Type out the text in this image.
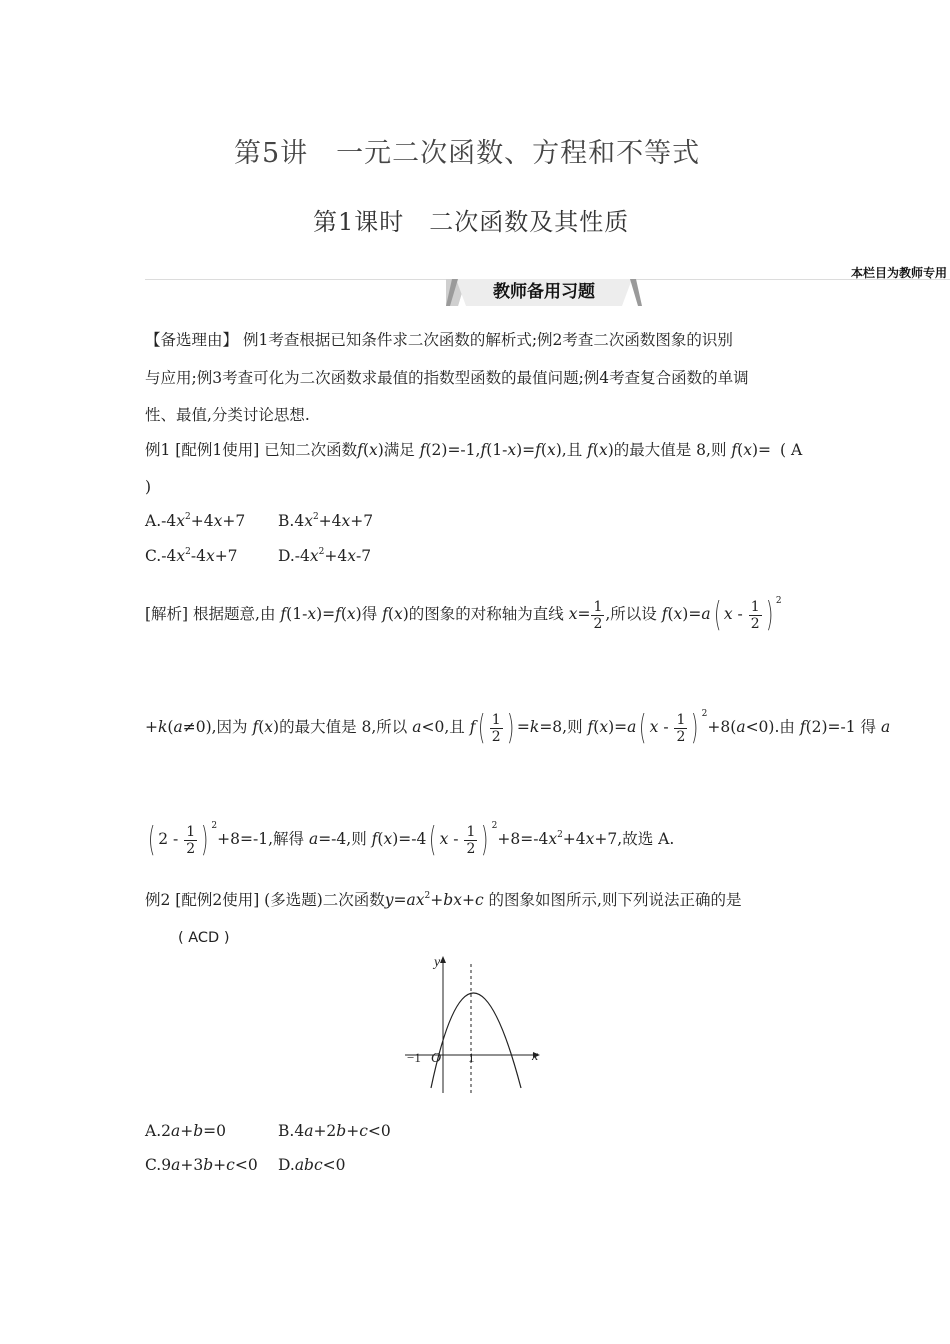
第5讲　一元二次函数、方程和不等式
第1课时　二次函数及其性质
本栏目为教师专用
教师备用习题
【备选理由】 例1考查根据已知条件求二次函数的解析式;例2考查二次函数图象的识别
与应用;例3考查可化为二次函数求最值的指数型函数的最值问题;例4考查复合函数的单调
性、最值,分类讨论思想.
例1 [配例1使用] 已知二次函数f(x)满足 f(2)=-1,f(1-x)=f(x),且 f(x)的最大值是 8,则 f(x)= ( A
)
$A.-4x^2+4x+7$ $B.4x^2+4x+7$
$C.-4x^2-4x+7$	$D.-4x^2+4x-7$
[解析] 根据题意,由 f(1-x)=f(x)得 f(x)的图象的对称轴为直线 $x= \frac{1}{2}$ ,所以设 f(x)=a( x - $\frac{1}{2}$ ) $^2$
+k(a≠0),因为 f(x)的最大值是 8,所以 a<0,且 $f( \frac{1}{2}$ ) =k=8,则 f(x)=a( x - $\frac{1}{2}$ ) $^2$+8(a<0).由 f(2)=-1 得 a
( $2 - \frac{1}{2}$ ) $^2$+8=-1,解得 a=-4,则 f(x)=-4( x - $\frac{1}{2}$ ) $^2+8=-4x^2+4x+7$,故选 A.
例2 [配例2使用] (多选题)二次函数$y=ax^2+bx+c$ 的图象如图所示,则下列说法正确的是
( ACD )
y
x
O
−1	1
A.2a+b=0	B.4a+2b+c<0
C.9a+3b+c<0 D.abc<0
